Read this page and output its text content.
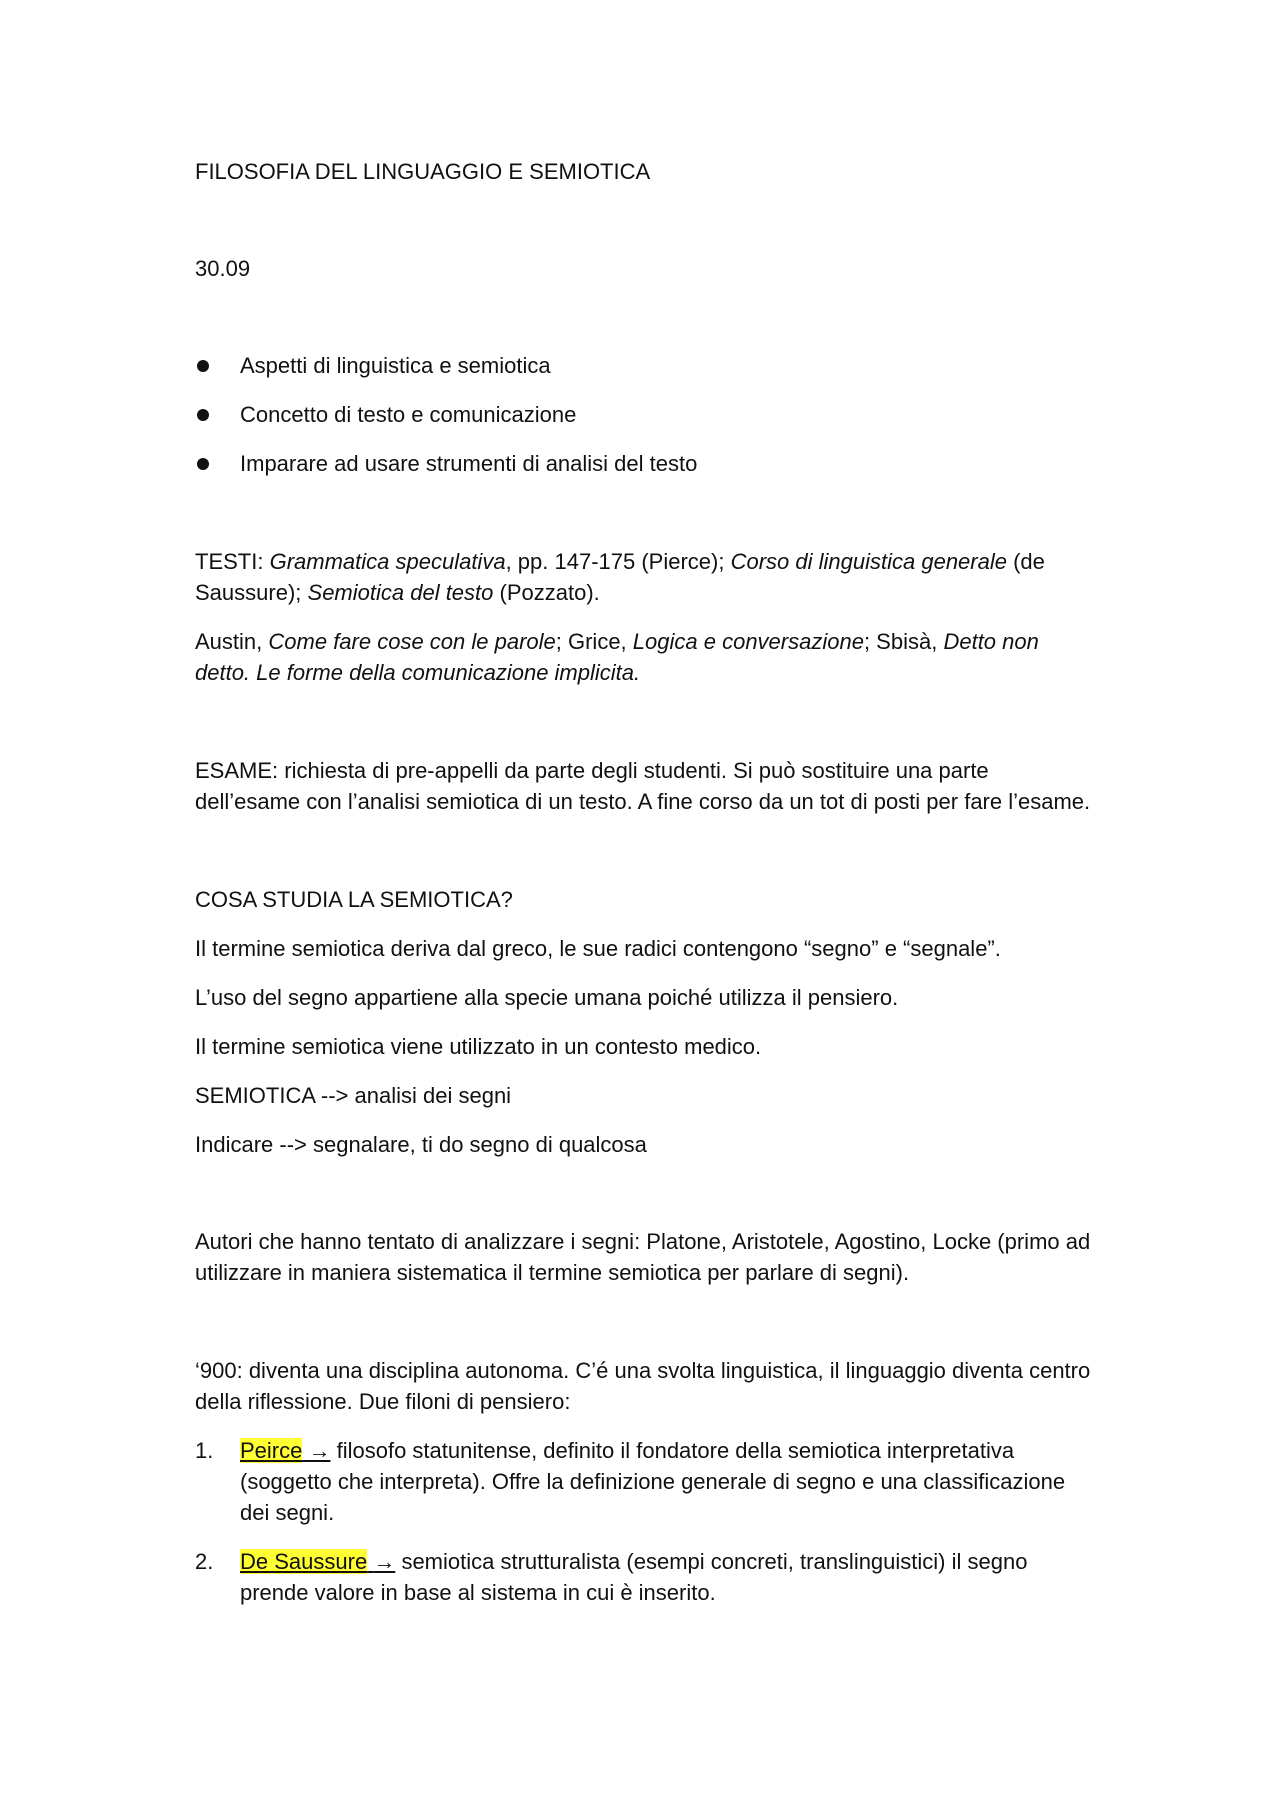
FILOSOFIA DEL LINGUAGGIO E SEMIOTICA
30.09
Aspetti di linguistica e semiotica
Concetto di testo e comunicazione
Imparare ad usare strumenti di analisi del testo

TESTI: Grammatica speculativa, pp. 147-175 (Pierce); Corso di linguistica generale (de Saussure); Semiotica del testo (Pozzato).

Austin, Come fare cose con le parole; Grice, Logica e conversazione; Sbisà, Detto non detto. Le forme della comunicazione implicita.

ESAME: richiesta di pre-appelli da parte degli studenti. Si può sostituire una parte dell’esame con l’analisi semiotica di un testo. A fine corso da un tot di posti per fare l’esame.

COSA STUDIA LA SEMIOTICA?
Il termine semiotica deriva dal greco, le sue radici contengono “segno” e “segnale”.
L’uso del segno appartiene alla specie umana poiché utilizza il pensiero.
Il termine semiotica viene utilizzato in un contesto medico.
SEMIOTICA --> analisi dei segni
Indicare --> segnalare, ti do segno di qualcosa

Autori che hanno tentato di analizzare i segni: Platone, Aristotele, Agostino, Locke (primo ad utilizzare in maniera sistematica il termine semiotica per parlare di segni).

‘900: diventa una disciplina autonoma. C’é una svolta linguistica, il linguaggio diventa centro della riflessione. Due filoni di pensiero:

1. Peirce → filosofo statunitense, definito il fondatore della semiotica interpretativa (soggetto che interpreta). Offre la definizione generale di segno e una classificazione dei segni.
2. De Saussure → semiotica strutturalista (esempi concreti, translinguistici) il segno prende valore in base al sistema in cui è inserito.
